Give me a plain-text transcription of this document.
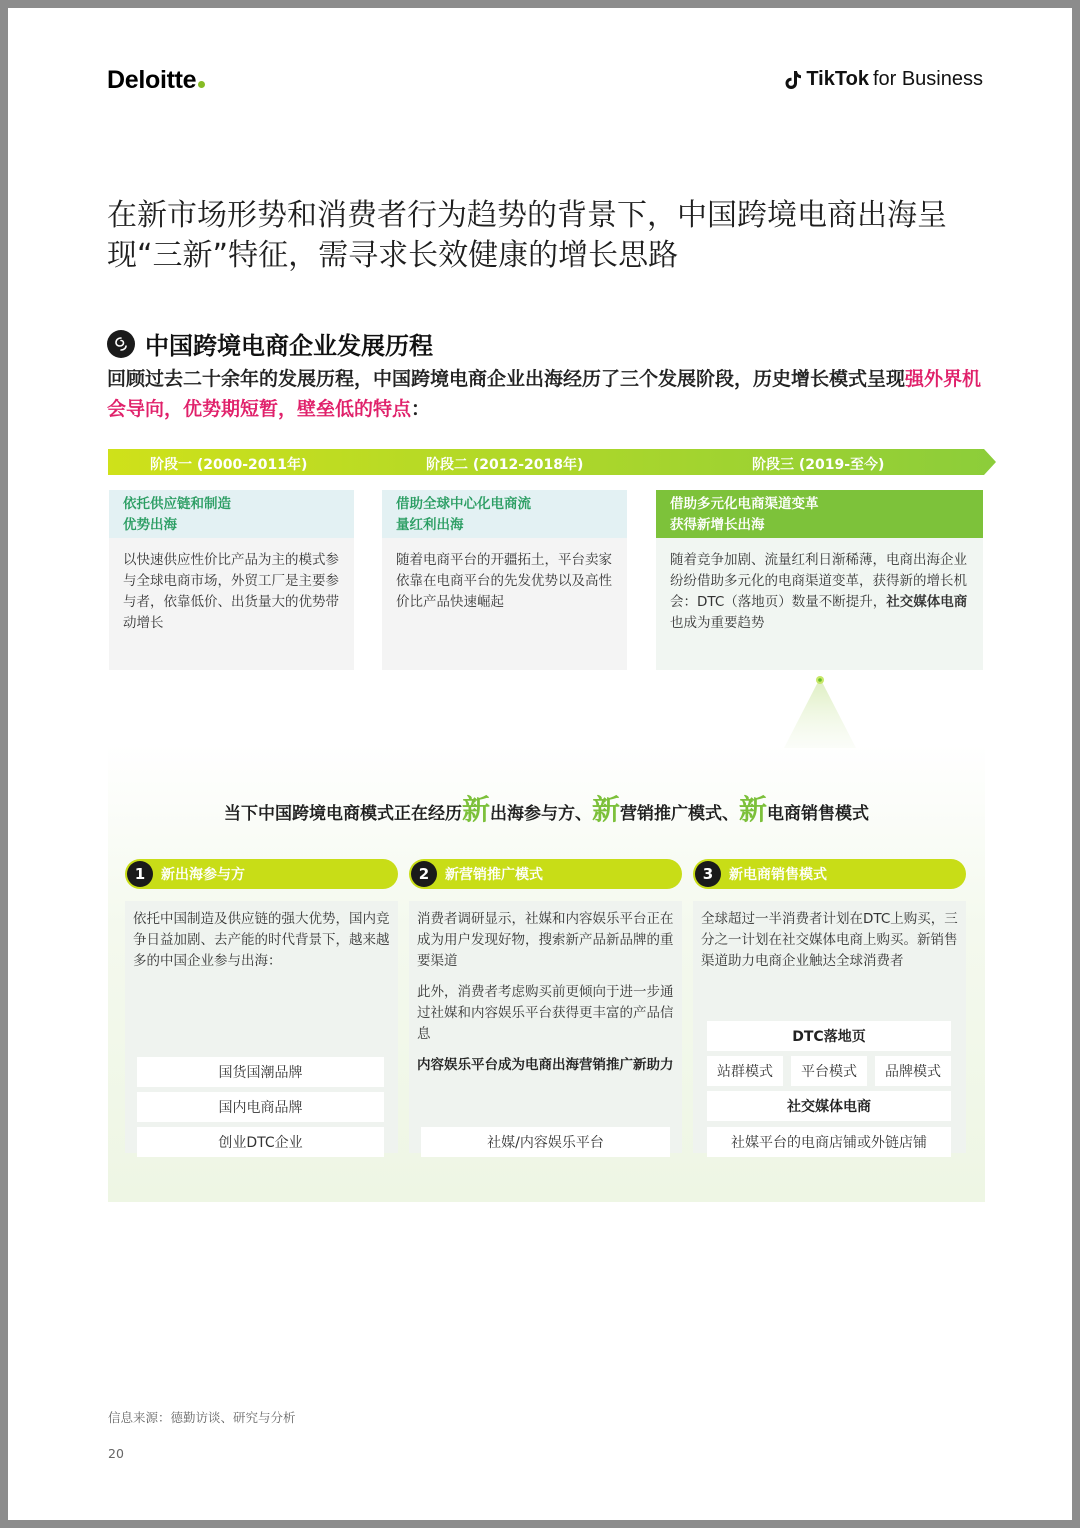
Deloitte	TikTok for Business
在新市场形势和消费者行为趋势的背景下，中国跨境电商出海呈
现“三新”特征，需寻求长效健康的增长思路
中国跨境电商企业发展历程
回顾过去二十余年的发展历程，中国跨境电商企业出海经历了三个发展阶段，历史增长模式呈现强外界机会导向，优势期短暂，壁垒低的特点：
阶段一 (2000-2011年)	阶段二 (2012-2018年)	阶段三 (2019-至今)
依托供应链和制造
优势出海
以快速供应性价比产品为主的模式参与全球电商市场，外贸工厂是主要参与者，依靠低价、出货量大的优势带动增长
借助全球中心化电商流
量红利出海
随着电商平台的开疆拓土，平台卖家依靠在电商平台的先发优势以及高性价比产品快速崛起
借助多元化电商渠道变革
获得新增长出海
随着竞争加剧、流量红利日渐稀薄，电商出海企业纷纷借助多元化的电商渠道变革，获得新的增长机会：DTC（落地页）数量不断提升，社交媒体电商也成为重要趋势
当下中国跨境电商模式正在经历新出海参与方、新营销推广模式、新电商销售模式
1	新出海参与方	2	新营销推广模式	3	新电商销售模式
依托中国制造及供应链的强大优势，国内竞争日益加剧、去产能的时代背景下，越来越多的中国企业参与出海：
国货国潮品牌
国内电商品牌
创业DTC企业
消费者调研显示，社媒和内容娱乐平台正在成为用户发现好物，搜索新产品新品牌的重要渠道
此外，消费者考虑购买前更倾向于进一步通过社媒和内容娱乐平台获得更丰富的产品信息
内容娱乐平台成为电商出海营销推广新助力
社媒/内容娱乐平台
全球超过一半消费者计划在DTC上购买，三分之一计划在社交媒体电商上购买。新销售渠道助力电商企业触达全球消费者
DTC落地页
站群模式	平台模式	品牌模式
社交媒体电商
社媒平台的电商店铺或外链店铺
信息来源：德勤访谈、研究与分析
20
